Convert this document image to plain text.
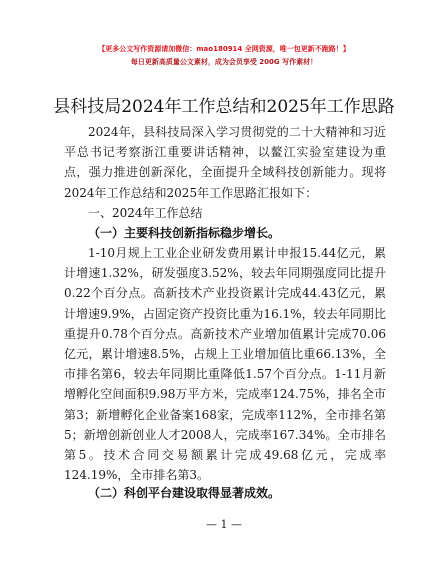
【更多公文写作资源请加微信：mao180914 全网资源，唯一包更新不跑路！】
每日更新高质量公文素材，成为会员享受 200G 写作素材！
县科技局2024年工作总结和2025年工作思路

2024年，县科技局深入学习贯彻党的二十大精神和习近平总书记考察浙江重要讲话精神，以鳌江实验室建设为重点，强力推进创新深化，全面提升全域科技创新能力。现将2024年工作总结和2025年工作思路汇报如下：

一、2024年工作总结
（一）主要科技创新指标稳步增长。

1-10月规上工业企业研发费用累计申报15.44亿元，累计增速1.32%，研发强度3.52%，较去年同期强度同比提升0.22个百分点。高新技术产业投资累计完成44.43亿元，累计增速9.9%，占固定资产投资比重为16.1%，较去年同期比重提升0.78个百分点。高新技术产业增加值累计完成70.06亿元，累计增速8.5%，占规上工业增加值比重66.13%，全市排名第6，较去年同期比重降低1.57个百分点。1-11月新增孵化空间面积9.98万平方米，完成率124.75%，排名全市第3；新增孵化企业备案168家，完成率112%，全市排名第5；新增创新创业人才2008人，完成率167.34%。全市排名第5。技术合同交易额累计完成49.68亿元，完成率124.19%，全市排名第3。

（二）科创平台建设取得显著成效。
— 1 —
